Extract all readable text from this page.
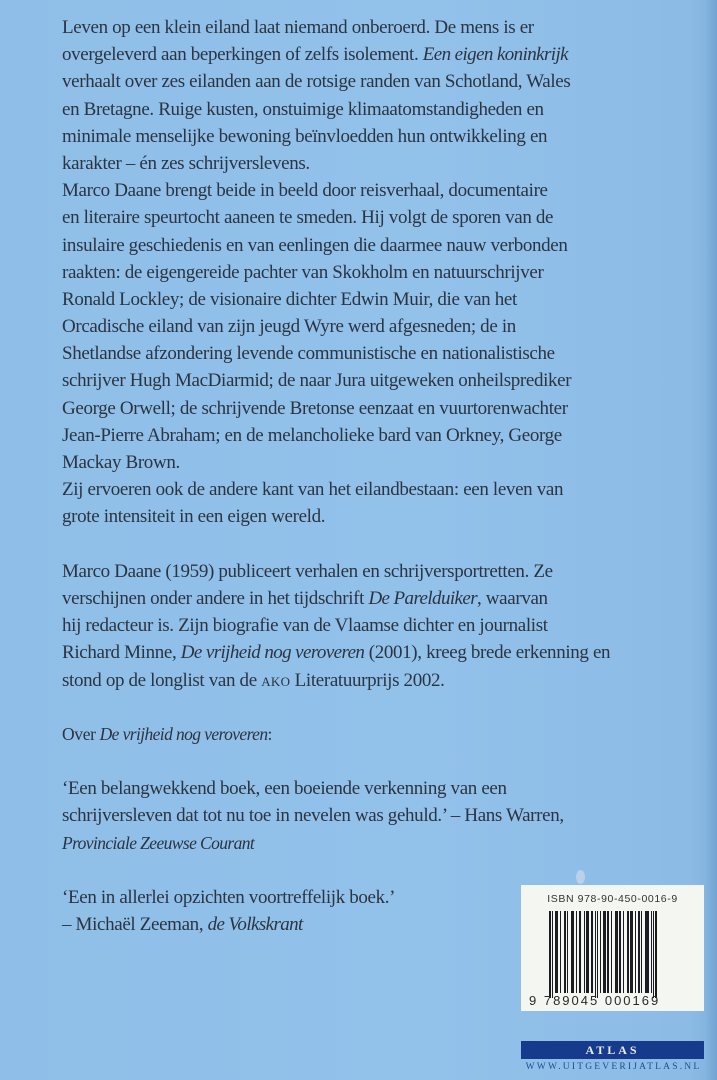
Leven op een klein eiland laat niemand onberoerd. De mens is er
overgeleverd aan beperkingen of zelfs isolement. Een eigen koninkrijk
verhaalt over zes eilanden aan de rotsige randen van Schotland, Wales
en Bretagne. Ruige kusten, onstuimige klimaatomstandigheden en
minimale menselijke bewoning beïnvloedden hun ontwikkeling en
karakter – én zes schrijverslevens.
Marco Daane brengt beide in beeld door reisverhaal, documentaire
en literaire speurtocht aaneen te smeden. Hij volgt de sporen van de
insulaire geschiedenis en van eenlingen die daarmee nauw verbonden
raakten: de eigengereide pachter van Skokholm en natuurschrijver
Ronald Lockley; de visionaire dichter Edwin Muir, die van het
Orcadische eiland van zijn jeugd Wyre werd afgesneden; de in
Shetlandse afzondering levende communistische en nationalistische
schrijver Hugh MacDiarmid; de naar Jura uitgeweken onheilsprediker
George Orwell; de schrijvende Bretonse eenzaat en vuurtorenwachter
Jean-Pierre Abraham; en de melancholieke bard van Orkney, George
Mackay Brown.
Zij ervoeren ook de andere kant van het eilandbestaan: een leven van
grote intensiteit in een eigen wereld.
Marco Daane (1959) publiceert verhalen en schrijversportretten. Ze
verschijnen onder andere in het tijdschrift De Parelduiker, waarvan
hij redacteur is. Zijn biografie van de Vlaamse dichter en journalist
Richard Minne, De vrijheid nog veroveren (2001), kreeg brede erkenning en
stond op de longlist van de AKO Literatuurprijs 2002.
Over De vrijheid nog veroveren:
‘Een belangwekkend boek, een boeiende verkenning van een
schrijversleven dat tot nu toe in nevelen was gehuld.’ – Hans Warren,
Provinciale Zeeuwse Courant
‘Een in allerlei opzichten voortreffelijk boek.’
– Michaël Zeeman, de Volkskrant
ISBN 978-90-450-0016-9
9 789045 000169
ATLAS
WWW.UITGEVERIJATLAS.NL
